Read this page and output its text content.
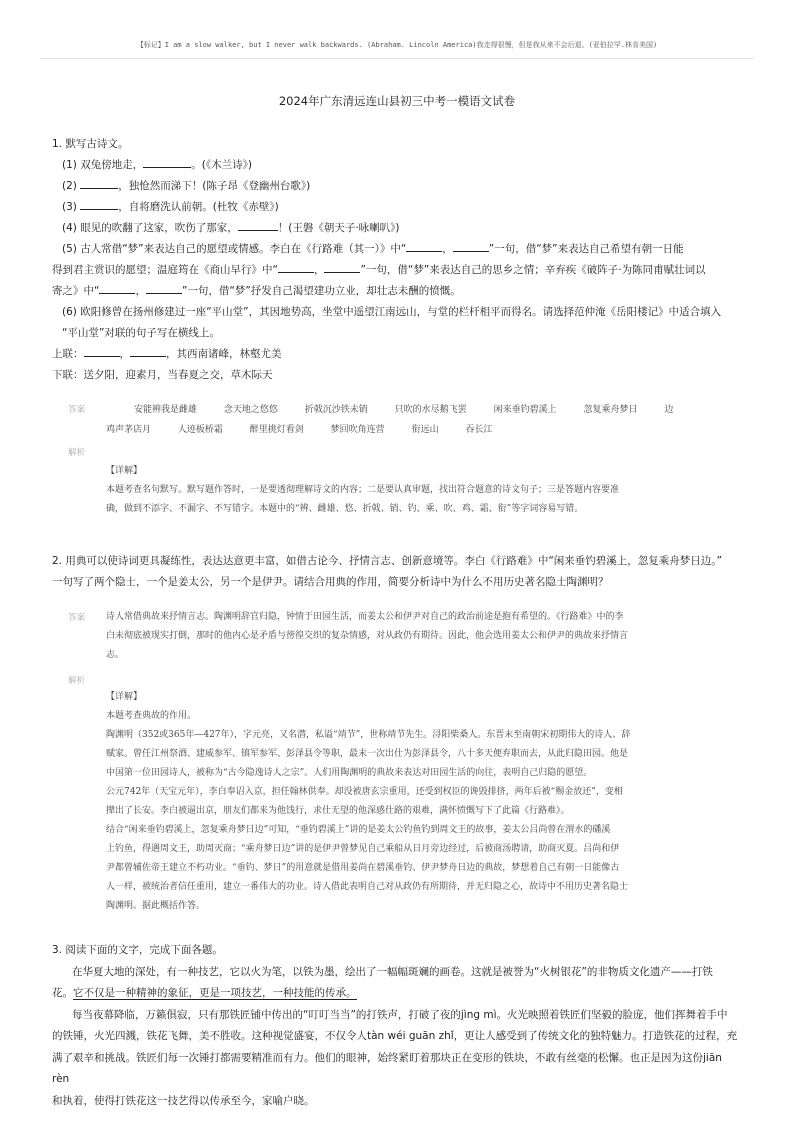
【标记】I am a slow walker, but I never walk backwards. (Abraham. Lincoln America)我走得很慢，但是我从来不会后退。(亚伯拉罕.林肯美国)
2024年广东清远连山县初三中考一模语文试卷

1. 默写古诗文。

(1) 双兔傍地走，	。(《木兰诗》)

(2)	，独怆然而涕下！(陈子昂《登幽州台歌》)

(3)	，自将磨洗认前朝。(杜牧《赤壁》)

(4) 眼见的吹翻了这家，吹伤了那家，	！(王磐《朝天子·咏喇叭》)

(5) 古人常借“梦”来表达自己的愿望或情感。李白在《行路难（其一）》中“	，	”一句，借“梦”来表达自己希望有朝一日能

得到君主赏识的愿望；温庭筠在《商山早行》中“	，	”一句，借“梦”来表达自己的思乡之情；辛弃疾《破阵子·为陈同甫赋壮词以

寄之》中“	，	”一句，借“梦”抒发自己渴望建功立业，却壮志未酬的愤慨。

(6) 欧阳修曾在扬州修建过一座“平山堂”，其因地势高，坐堂中遥望江南远山，与堂的栏杆相平而得名。请选择范仲淹《岳阳楼记》中适合填入

“平山堂”对联的句子写在横线上。

上联：	，	，其西南诸峰，林壑尤美

下联：送夕阳，迎素月，当春夏之交，草木际天

答案	安能辨我是雌雄	念天地之悠悠	折戟沉沙铁未销	只吹的水尽鹅飞罢	闲来垂钓碧溪上	忽复乘舟梦日	边 鸡声茅店月	人迹板桥霜	醉里挑灯看剑	梦回吹角连营	衔远山	吞长江
解析

【详解】

本题考查名句默写。默写题作答时，一是要透彻理解诗文的内容；二是要认真审题，找出符合题意的诗文句子；三是答题内容要准

确，做到不添字、不漏字、不写错字。本题中的“辨、雌雄、悠、折戟、销、钓、乘、吹、鸡、霜、衔”等字词容易写错。

2. 用典可以使诗词更具凝练性，表达达意更丰富，如借古论今、抒情言志、创新意境等。李白《行路难》中“闲来垂钓碧溪上，忽复乘舟梦日边。”

一句写了两个隐士，一个是姜太公，另一个是伊尹。请结合用典的作用，简要分析诗中为什么不用历史著名隐士陶渊明？

答案 诗人常借典故来抒情言志。陶渊明辞官归隐，钟情于田园生活，而姜太公和伊尹对自己的政治前途是抱有希望的。《行路难》中的李

白未彻底被现实打倒，那时的他内心是矛盾与徬徨交织的复杂情感，对从政仍有期待。因此，他会选用姜太公和伊尹的典故来抒情言

志。

解析

【详解】

本题考查典故的作用。

陶渊明（352或365年—427年），字元亮，又名潜，私谥“靖节”，世称靖节先生。浔阳柴桑人。东晋末至南朝宋初期伟大的诗人、辞

赋家。曾任江州祭酒、建威参军、镇军参军、彭泽县令等职，最末一次出仕为彭泽县令，八十多天便弃职而去，从此归隐田园。他是

中国第一位田园诗人，被称为“古今隐逸诗人之宗”。人们用陶渊明的典故来表达对田园生活的向往，表明自己归隐的愿望。

公元742年（天宝元年），李白奉诏入京，担任翰林供奉。却没被唐玄宗重用，还受到权臣的谗毁排挤，两年后被“赐金放还”，变相

撵出了长安。李白被逼出京，朋友们都来为他饯行，求仕无望的他深感仕路的艰难，满怀愤慨写下了此篇《行路难》。

结合“闲来垂钓碧溪上，忽复乘舟梦日边”可知，“垂钓碧溪上”讲的是姜太公钓鱼钓到周文王的故事，姜太公吕尚曾在渭水的磻溪

上钓鱼，得遇周文王，助周灭商；“乘舟梦日边”讲的是伊尹曾梦见自己乘船从日月旁边经过，后被商汤聘请，助商灭夏。吕尚和伊

尹都曾辅佐帝王建立不朽功业。“垂钓、梦日”的用意就是借用姜尚在碧溪垂钓、伊尹梦舟日边的典故，梦想着自己有朝一日能像古

人一样，被统治者信任重用，建立一番伟大的功业。诗人借此表明自己对从政仍有所期待，并无归隐之心，故诗中不用历史著名隐士

陶渊明。据此概括作答。

3. 阅读下面的文字，完成下面各题。

在华夏大地的深处，有一种技艺，它以火为笔，以铁为墨，绘出了一幅幅斑斓的画卷。这就是被誉为“火树银花”的非物质文化遗产——打铁

花。它不仅是一种精神的象征，更是一项技艺，一种技能的传承。

每当夜幕降临，万籁俱寂，只有那铁匠铺中传出的“叮叮当当”的打铁声，打破了夜的jìng mì。火光映照着铁匠们坚毅的脸庞，他们挥舞着手中

的铁锤，火光四溅，铁花飞舞，美不胜收。这种视觉盛宴，不仅令人tàn wéi guān zhǐ，更让人感受到了传统文化的独特魅力。打造铁花的过程，充

满了艰辛和挑战。铁匠们每一次锤打都需要精准而有力。他们的眼神，始终紧盯着那块正在变形的铁块，不敢有丝毫的松懈。也正是因为这份jiān rèn

和执着，使得打铁花这一技艺得以传承至今，家喻户晓。
